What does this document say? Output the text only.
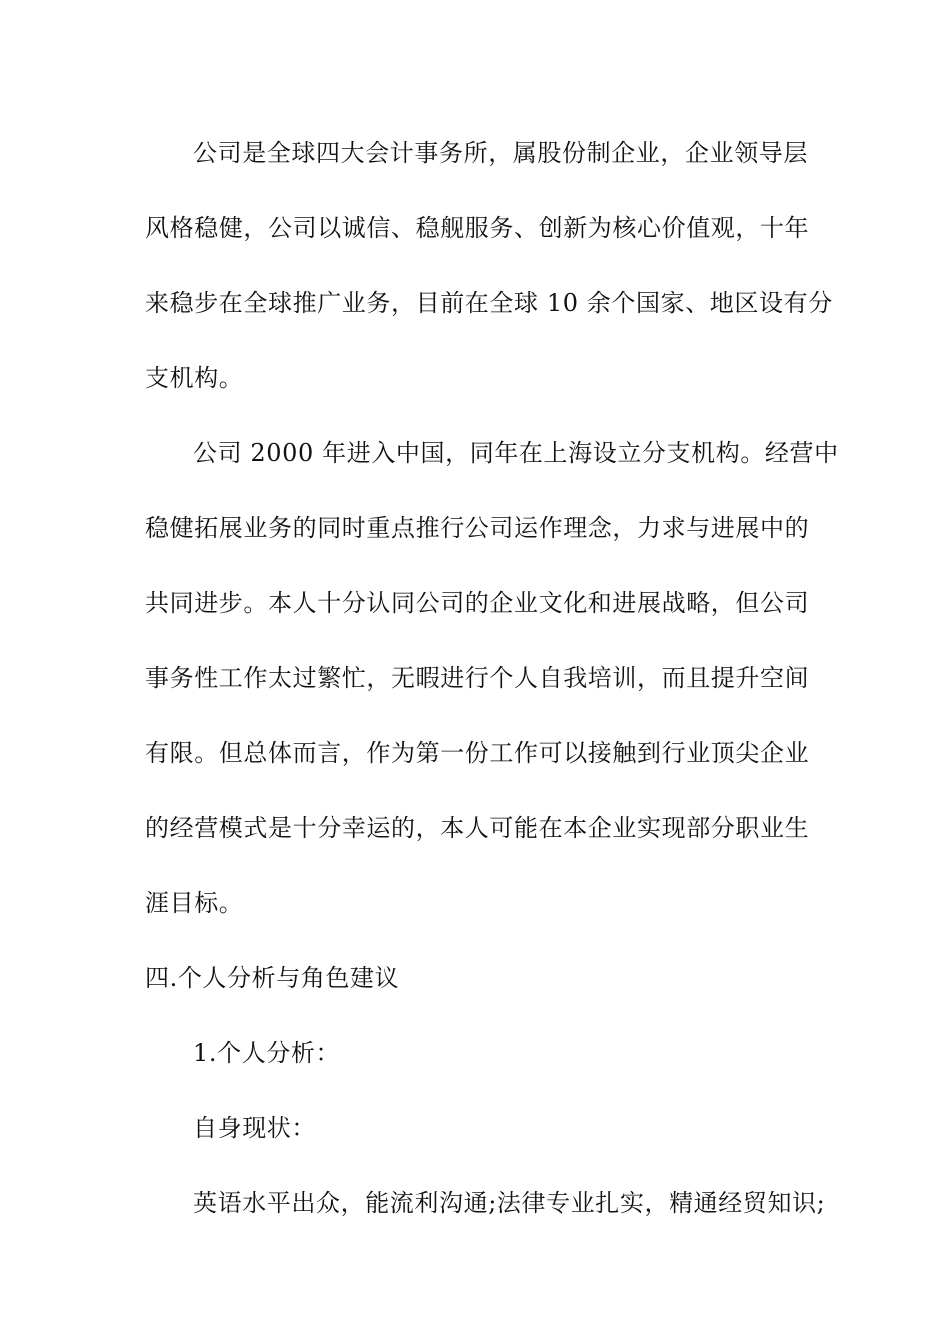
公司是全球四大会计事务所，属股份制企业，企业领导层
风格稳健，公司以诚信、稳舰服务、创新为核心价值观，十年
来稳步在全球推广业务，目前在全球 10 余个国家、地区设有分
支机构。
公司 2000 年进入中国，同年在上海设立分支机构。经营中
稳健拓展业务的同时重点推行公司运作理念，力求与进展中的
共同进步。本人十分认同公司的企业文化和进展战略，但公司
事务性工作太过繁忙，无暇进行个人自我培训，而且提升空间
有限。但总体而言，作为第一份工作可以接触到行业顶尖企业
的经营模式是十分幸运的，本人可能在本企业实现部分职业生
涯目标。
四.个人分析与角色建议
1.个人分析：
自身现状：
英语水平出众，能流利沟通;法律专业扎实，精通经贸知识;
